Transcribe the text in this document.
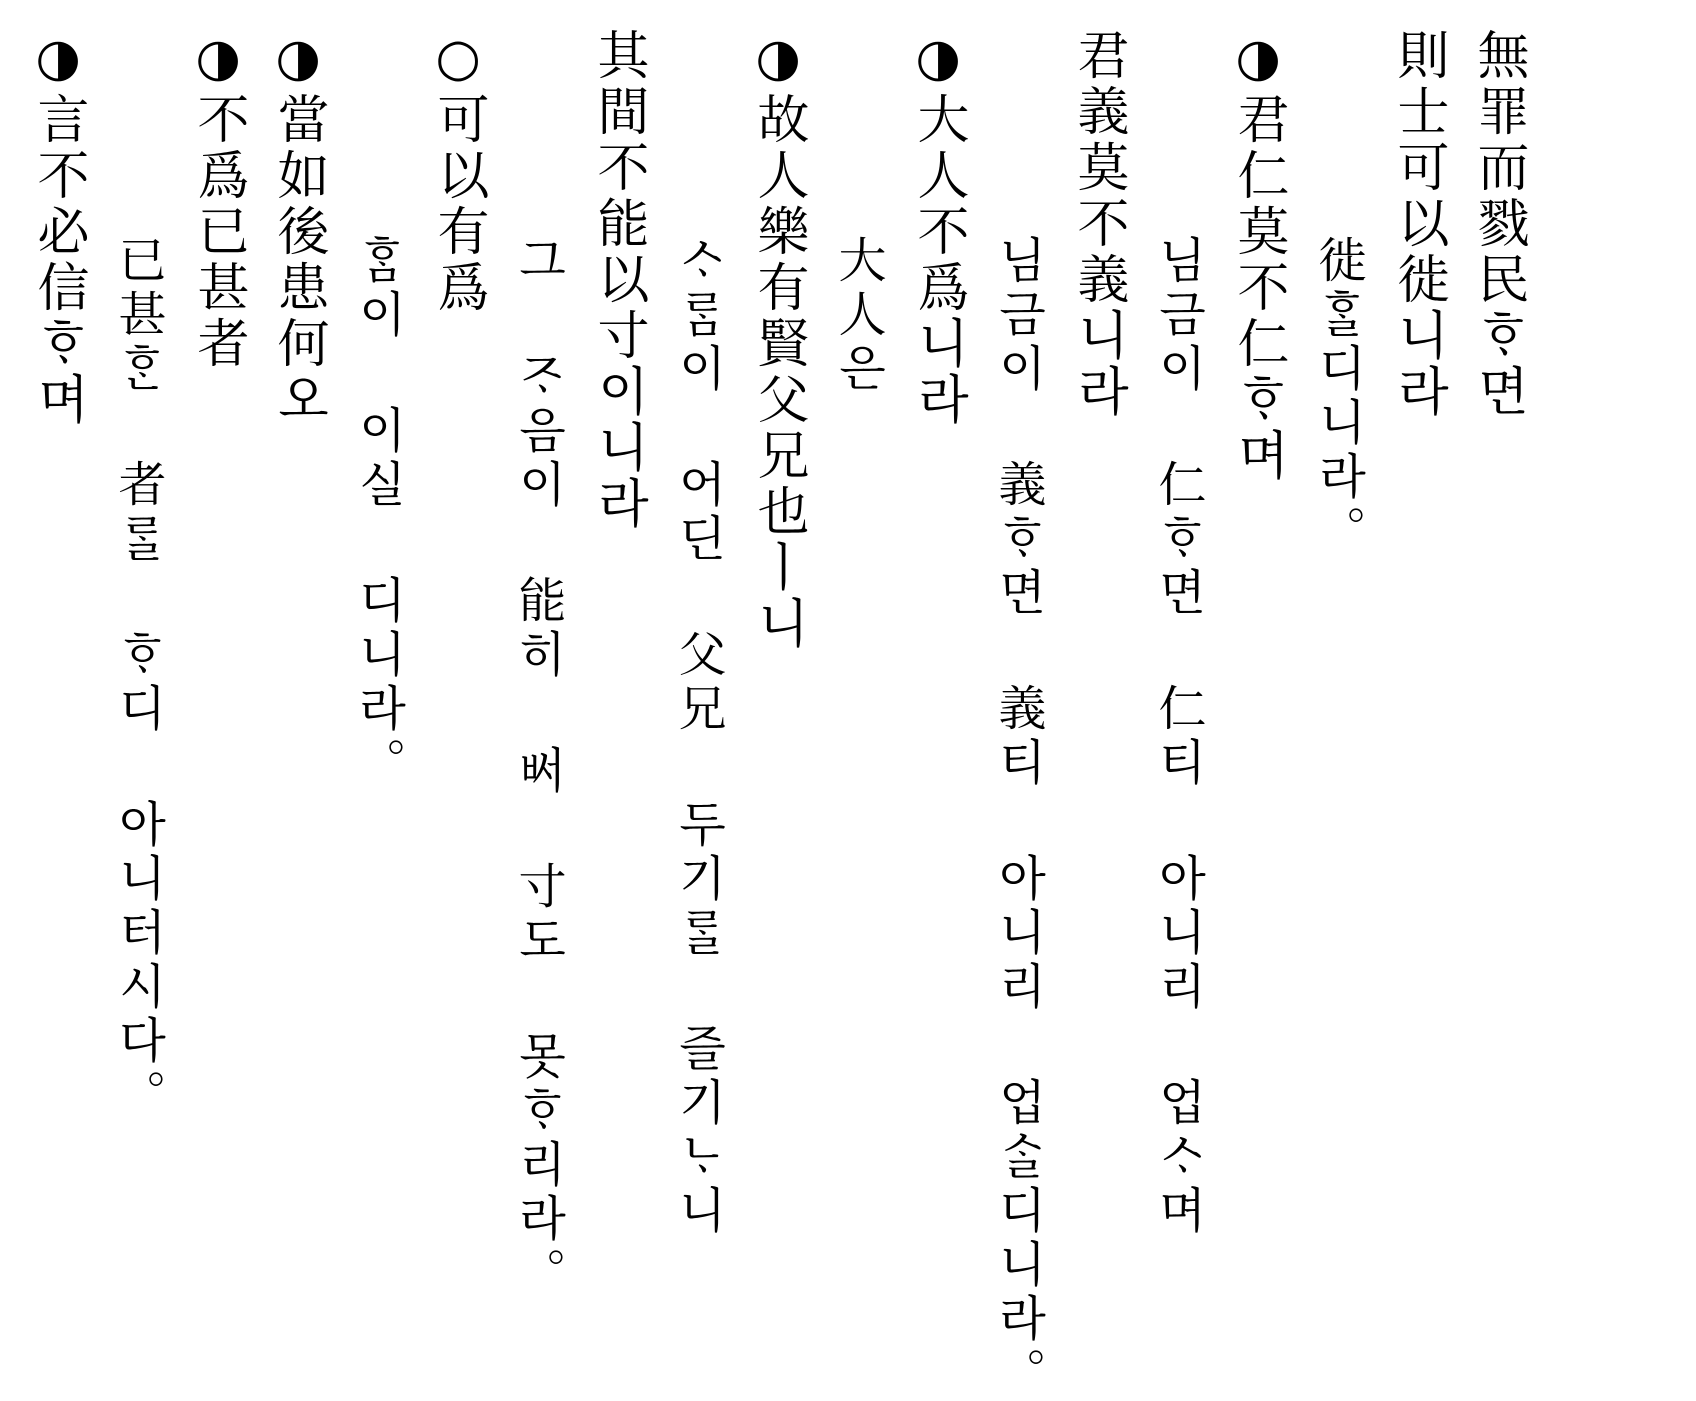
無罪而戮民ᄒᆞ면
則士可以徙니라
徙ᄒᆞᆯ디니라。
◑君仁莫不仁ᄒᆞ며
님금이 仁ᄒᆞ면 仁티 아니리 업ᄉᆞ며
君義莫不義니라
님금이 義ᄒᆞ면 義티 아니리 업ᄉᆞᆯ디니라。
◑大人不爲니라
大人은
◑故人樂有賢父兄也ㅣ니
ᄉᆞᄅᆞᆷ이 어딘 父兄 두기ᄅᆞᆯ 즐기ᄂᆞ니
其間不能以寸이니라
그 ᄌᆞ음이 能히 ᄡᅥ 寸도 못ᄒᆞ리라。
○可以有爲
ᄒᆞᆷ이 이실 디니라。
◑當如後患何오
◑不爲已甚者
已甚ᄒᆞᆫ 者ᄅᆞᆯ ᄒᆞ디 아니터시다。
◑言不必信ᄒᆞ며
